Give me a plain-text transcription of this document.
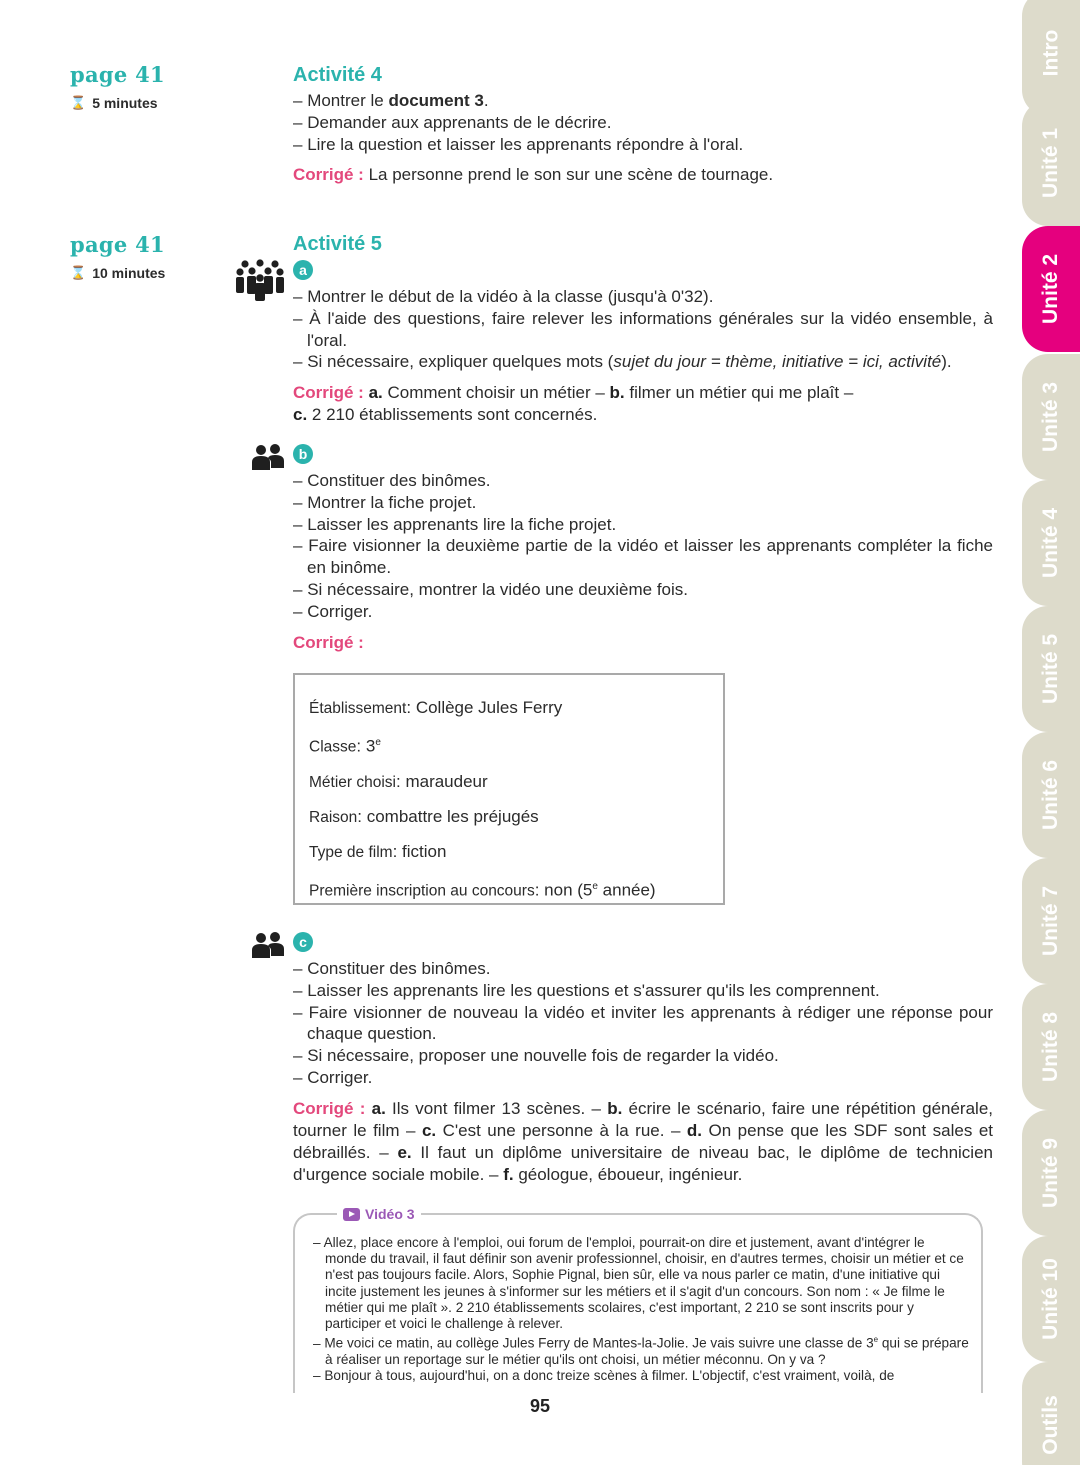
page 41
⌛ 5 minutes
Activité 4
– Montrer le document 3.
– Demander aux apprenants de le décrire.
– Lire la question et laisser les apprenants répondre à l'oral.
Corrigé : La personne prend le son sur une scène de tournage.
page 41
⌛ 10 minutes
Activité 5
a
– Montrer le début de la vidéo à la classe (jusqu'à 0'32).
– À l'aide des questions, faire relever les informations générales sur la vidéo ensemble, à l'oral.
– Si nécessaire, expliquer quelques mots (sujet du jour = thème, initiative = ici, activité).
Corrigé : a. Comment choisir un métier – b. filmer un métier qui me plaît –
c. 2 210 établissements sont concernés.
b
– Constituer des binômes.
– Montrer la fiche projet.
– Laisser les apprenants lire la fiche projet.
– Faire visionner la deuxième partie de la vidéo et laisser les apprenants compléter la fiche en binôme.
– Si nécessaire, montrer la vidéo une deuxième fois.
– Corriger.
Corrigé :
Établissement: Collège Jules Ferry
Classe: 3e
Métier choisi: maraudeur
Raison: combattre les préjugés
Type de film: fiction
Première inscription au concours: non (5e année)
c
– Constituer des binômes.
– Laisser les apprenants lire les questions et s'assurer qu'ils les comprennent.
– Faire visionner de nouveau la vidéo et inviter les apprenants à rédiger une réponse pour chaque question.
– Si nécessaire, proposer une nouvelle fois de regarder la vidéo.
– Corriger.
Corrigé : a. Ils vont filmer 13 scènes. – b. écrire le scénario, faire une répétition générale, tourner le film – c. C'est une personne à la rue. – d. On pense que les SDF sont sales et débraillés. – e. Il faut un diplôme universitaire de niveau bac, le diplôme de technicien d'urgence sociale mobile. – f. géologue, éboueur, ingénieur.
Vidéo 3
– Allez, place encore à l'emploi, oui forum de l'emploi, pourrait-on dire et justement, avant d'intégrer le monde du travail, il faut définir son avenir professionnel, choisir, en d'autres termes, choisir un métier et ce n'est pas toujours facile. Alors, Sophie Pignal, bien sûr, elle va nous parler ce matin, d'une initiative qui incite justement les jeunes à s'informer sur les métiers et il s'agit d'un concours. Son nom : « Je filme le métier qui me plaît ». 2 210 établissements scolaires, c'est important, 2 210 se sont inscrits pour y participer et voici le challenge à relever.
– Me voici ce matin, au collège Jules Ferry de Mantes-la-Jolie. Je vais suivre une classe de 3e qui se prépare à réaliser un reportage sur le métier qu'ils ont choisi, un métier méconnu. On y va ?
– Bonjour à tous, aujourd'hui, on a donc treize scènes à filmer. L'objectif, c'est vraiment, voilà, de
95
Intro
Unité 1
Unité 2
Unité 3
Unité 4
Unité 5
Unité 6
Unité 7
Unité 8
Unité 9
Unité 10
Outils
